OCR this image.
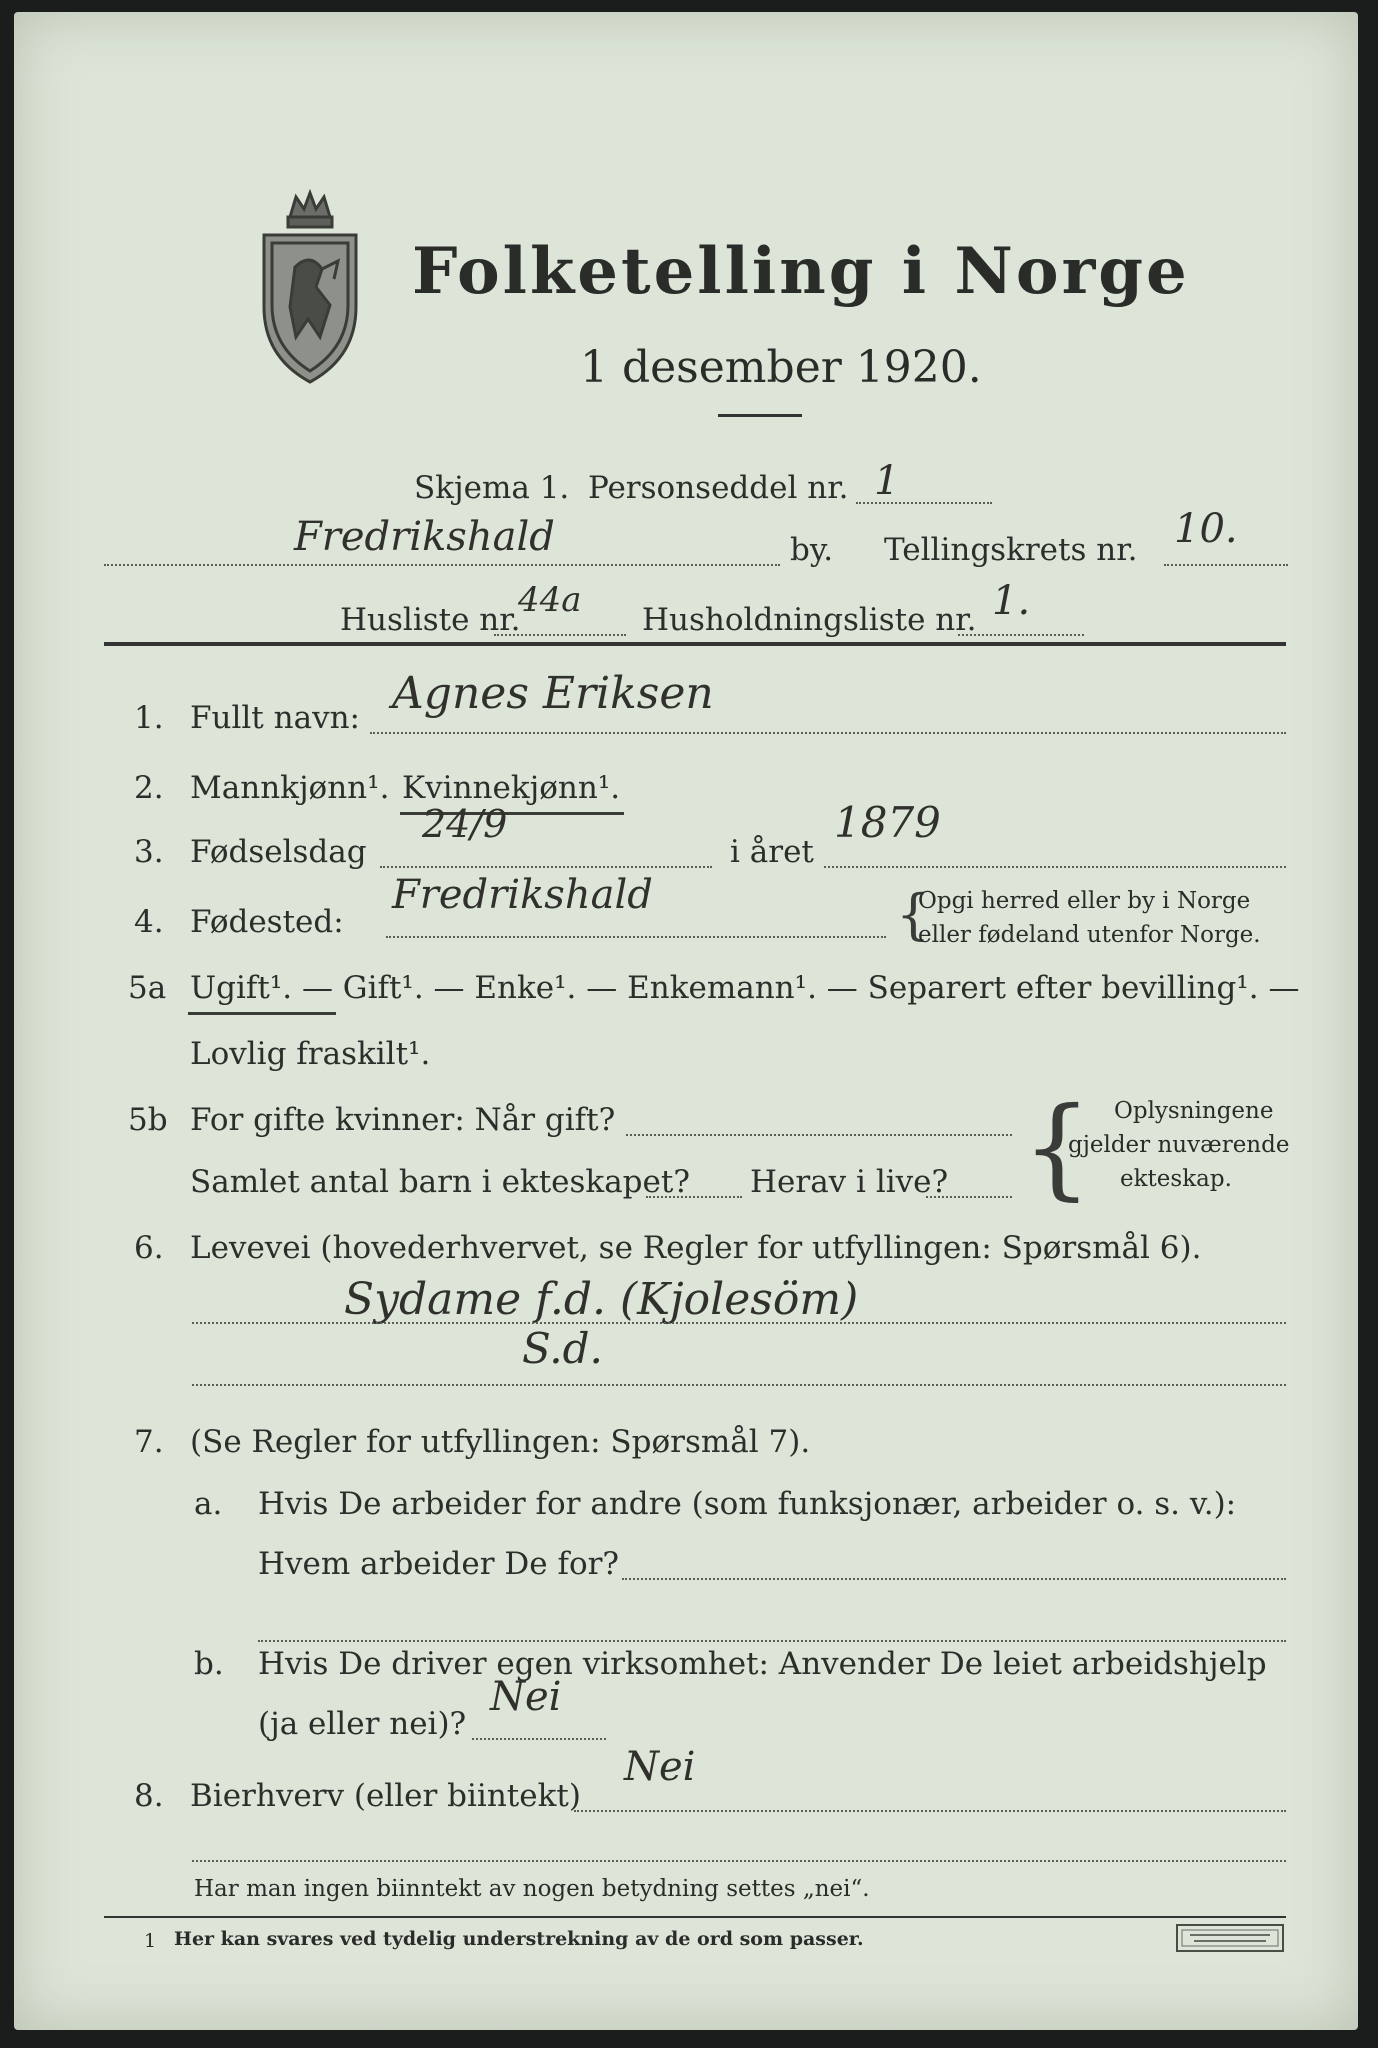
Folketelling i Norge
1 desember 1920.
Skjema 1. Personseddel nr. 1
Fredrikshald	by. Tellingskrets nr. 10.
Husliste nr.
44a Husholdningsliste nr. 1.
1. Fullt navn: Agnes Eriksen
2. Mannkjønn¹. Kvinnekjønn¹.
3. Fødselsdag
24/9
i året
1879
4. Fødested:
Fredrikshald	{
Opgi herred eller by i Norge
eller fødeland utenfor Norge.
5a Ugift¹. — Gift¹. — Enke¹. — Enkemann¹. — Separert efter bevilling¹. —
Lovlig fraskilt¹.
5b For gifte kvinner: Når gift?
Samlet antal barn i ekteskapet? Herav i live? { Oplysningene
gjelder nuværende
ekteskap.
6. Levevei (hovederhvervet, se Regler for utfyllingen: Spørsmål 6).
Sydame f.d. (Kjolesöm)
S.d.
7. (Se Regler for utfyllingen: Spørsmål 7).
a. Hvis De arbeider for andre (som funksjonær, arbeider o. s. v.):
Hvem arbeider De for?
b. Hvis De driver egen virksomhet: Anvender De leiet arbeidshjelp
(ja eller nei)?
Nei
8. Bierhverv (eller biintekt)
Nei
Har man ingen biinntekt av nogen betydning settes „nei“.
1 Her kan svares ved tydelig understrekning av de ord som passer.
